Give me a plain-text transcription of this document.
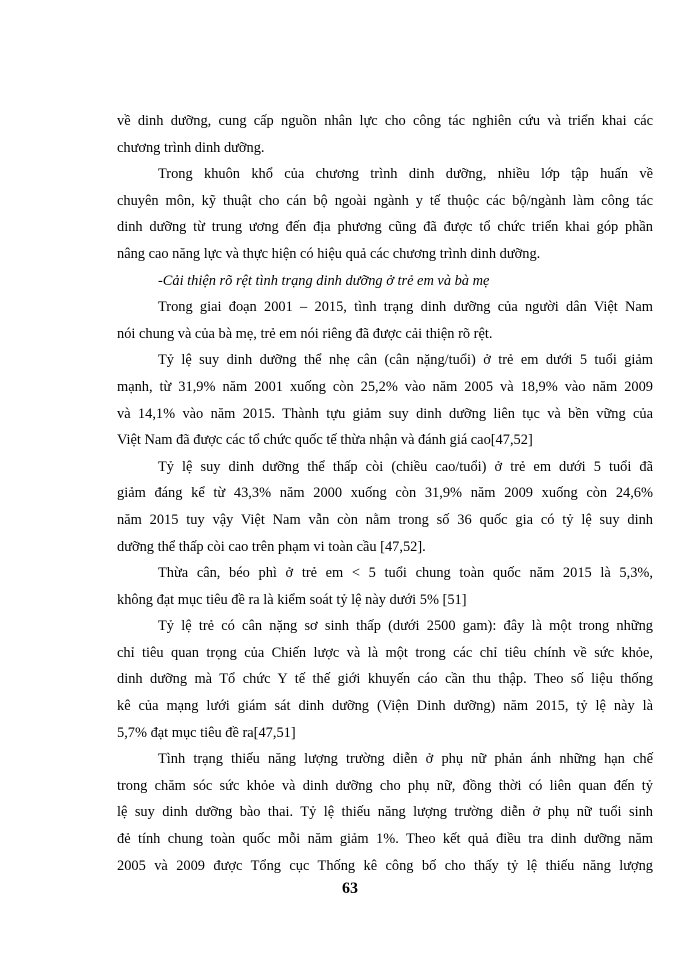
về dinh dưỡng, cung cấp nguồn nhân lực cho công tác nghiên cứu và triển khai các
chương trình dinh dưỡng.
Trong khuôn khổ của chương trình dinh dưỡng, nhiều lớp tập huấn về
chuyên môn, kỹ thuật cho cán bộ ngoài ngành y tế thuộc các bộ/ngành làm công tác
dinh dưỡng từ trung ương đến địa phương cũng đã được tổ chức triển khai góp phần
nâng cao năng lực và thực hiện có hiệu quả các chương trình dinh dưỡng.
-Cải thiện rõ rệt tình trạng dinh dưỡng ở trẻ em và bà mẹ
Trong giai đoạn 2001 – 2015, tình trạng dinh dưỡng của người dân Việt Nam
nói chung và của bà mẹ, trẻ em nói riêng đã được cải thiện rõ rệt.
Tỷ lệ suy dinh dưỡng thể nhẹ cân (cân nặng/tuổi) ở trẻ em dưới 5 tuổi giảm
mạnh, từ 31,9% năm 2001 xuống còn 25,2% vào năm 2005 và 18,9% vào năm 2009
và 14,1% vào năm 2015. Thành tựu giảm suy dinh dưỡng liên tục và bền vững của
Việt Nam đã được các tổ chức quốc tế thừa nhận và đánh giá cao[47,52]
Tỷ lệ suy dinh dưỡng thể thấp còi (chiều cao/tuổi) ở trẻ em dưới 5 tuổi đã
giảm đáng kể từ 43,3% năm 2000 xuống còn 31,9% năm 2009 xuống còn 24,6%
năm 2015 tuy vậy Việt Nam vẫn còn nằm trong số 36 quốc gia có tỷ lệ suy dinh
dưỡng thể thấp còi cao trên phạm vi toàn cầu [47,52].
Thừa cân, béo phì ở trẻ em < 5 tuổi chung toàn quốc năm 2015 là 5,3%,
không đạt mục tiêu đề ra là kiểm soát tỷ lệ này dưới 5% [51]
Tỷ lệ trẻ có cân nặng sơ sinh thấp (dưới 2500 gam): đây là một trong những
chỉ tiêu quan trọng của Chiến lược và là một trong các chỉ tiêu chính về sức khỏe,
dinh dưỡng mà Tổ chức Y tế thế giới khuyến cáo cần thu thập. Theo số liệu thống
kê của mạng lưới giám sát dinh dưỡng (Viện Dinh dưỡng) năm 2015, tỷ lệ này là
5,7% đạt mục tiêu đề ra[47,51]
Tình trạng thiếu năng lượng trường diễn ở phụ nữ phản ánh những hạn chế
trong chăm sóc sức khỏe và dinh dưỡng cho phụ nữ, đồng thời có liên quan đến tỷ
lệ suy dinh dưỡng bào thai. Tỷ lệ thiếu năng lượng trường diễn ở phụ nữ tuổi sinh
đẻ tính chung toàn quốc mỗi năm giảm 1%. Theo kết quả điều tra dinh dưỡng năm
2005 và 2009 được Tổng cục Thống kê công bố cho thấy tỷ lệ thiếu năng lượng
63
